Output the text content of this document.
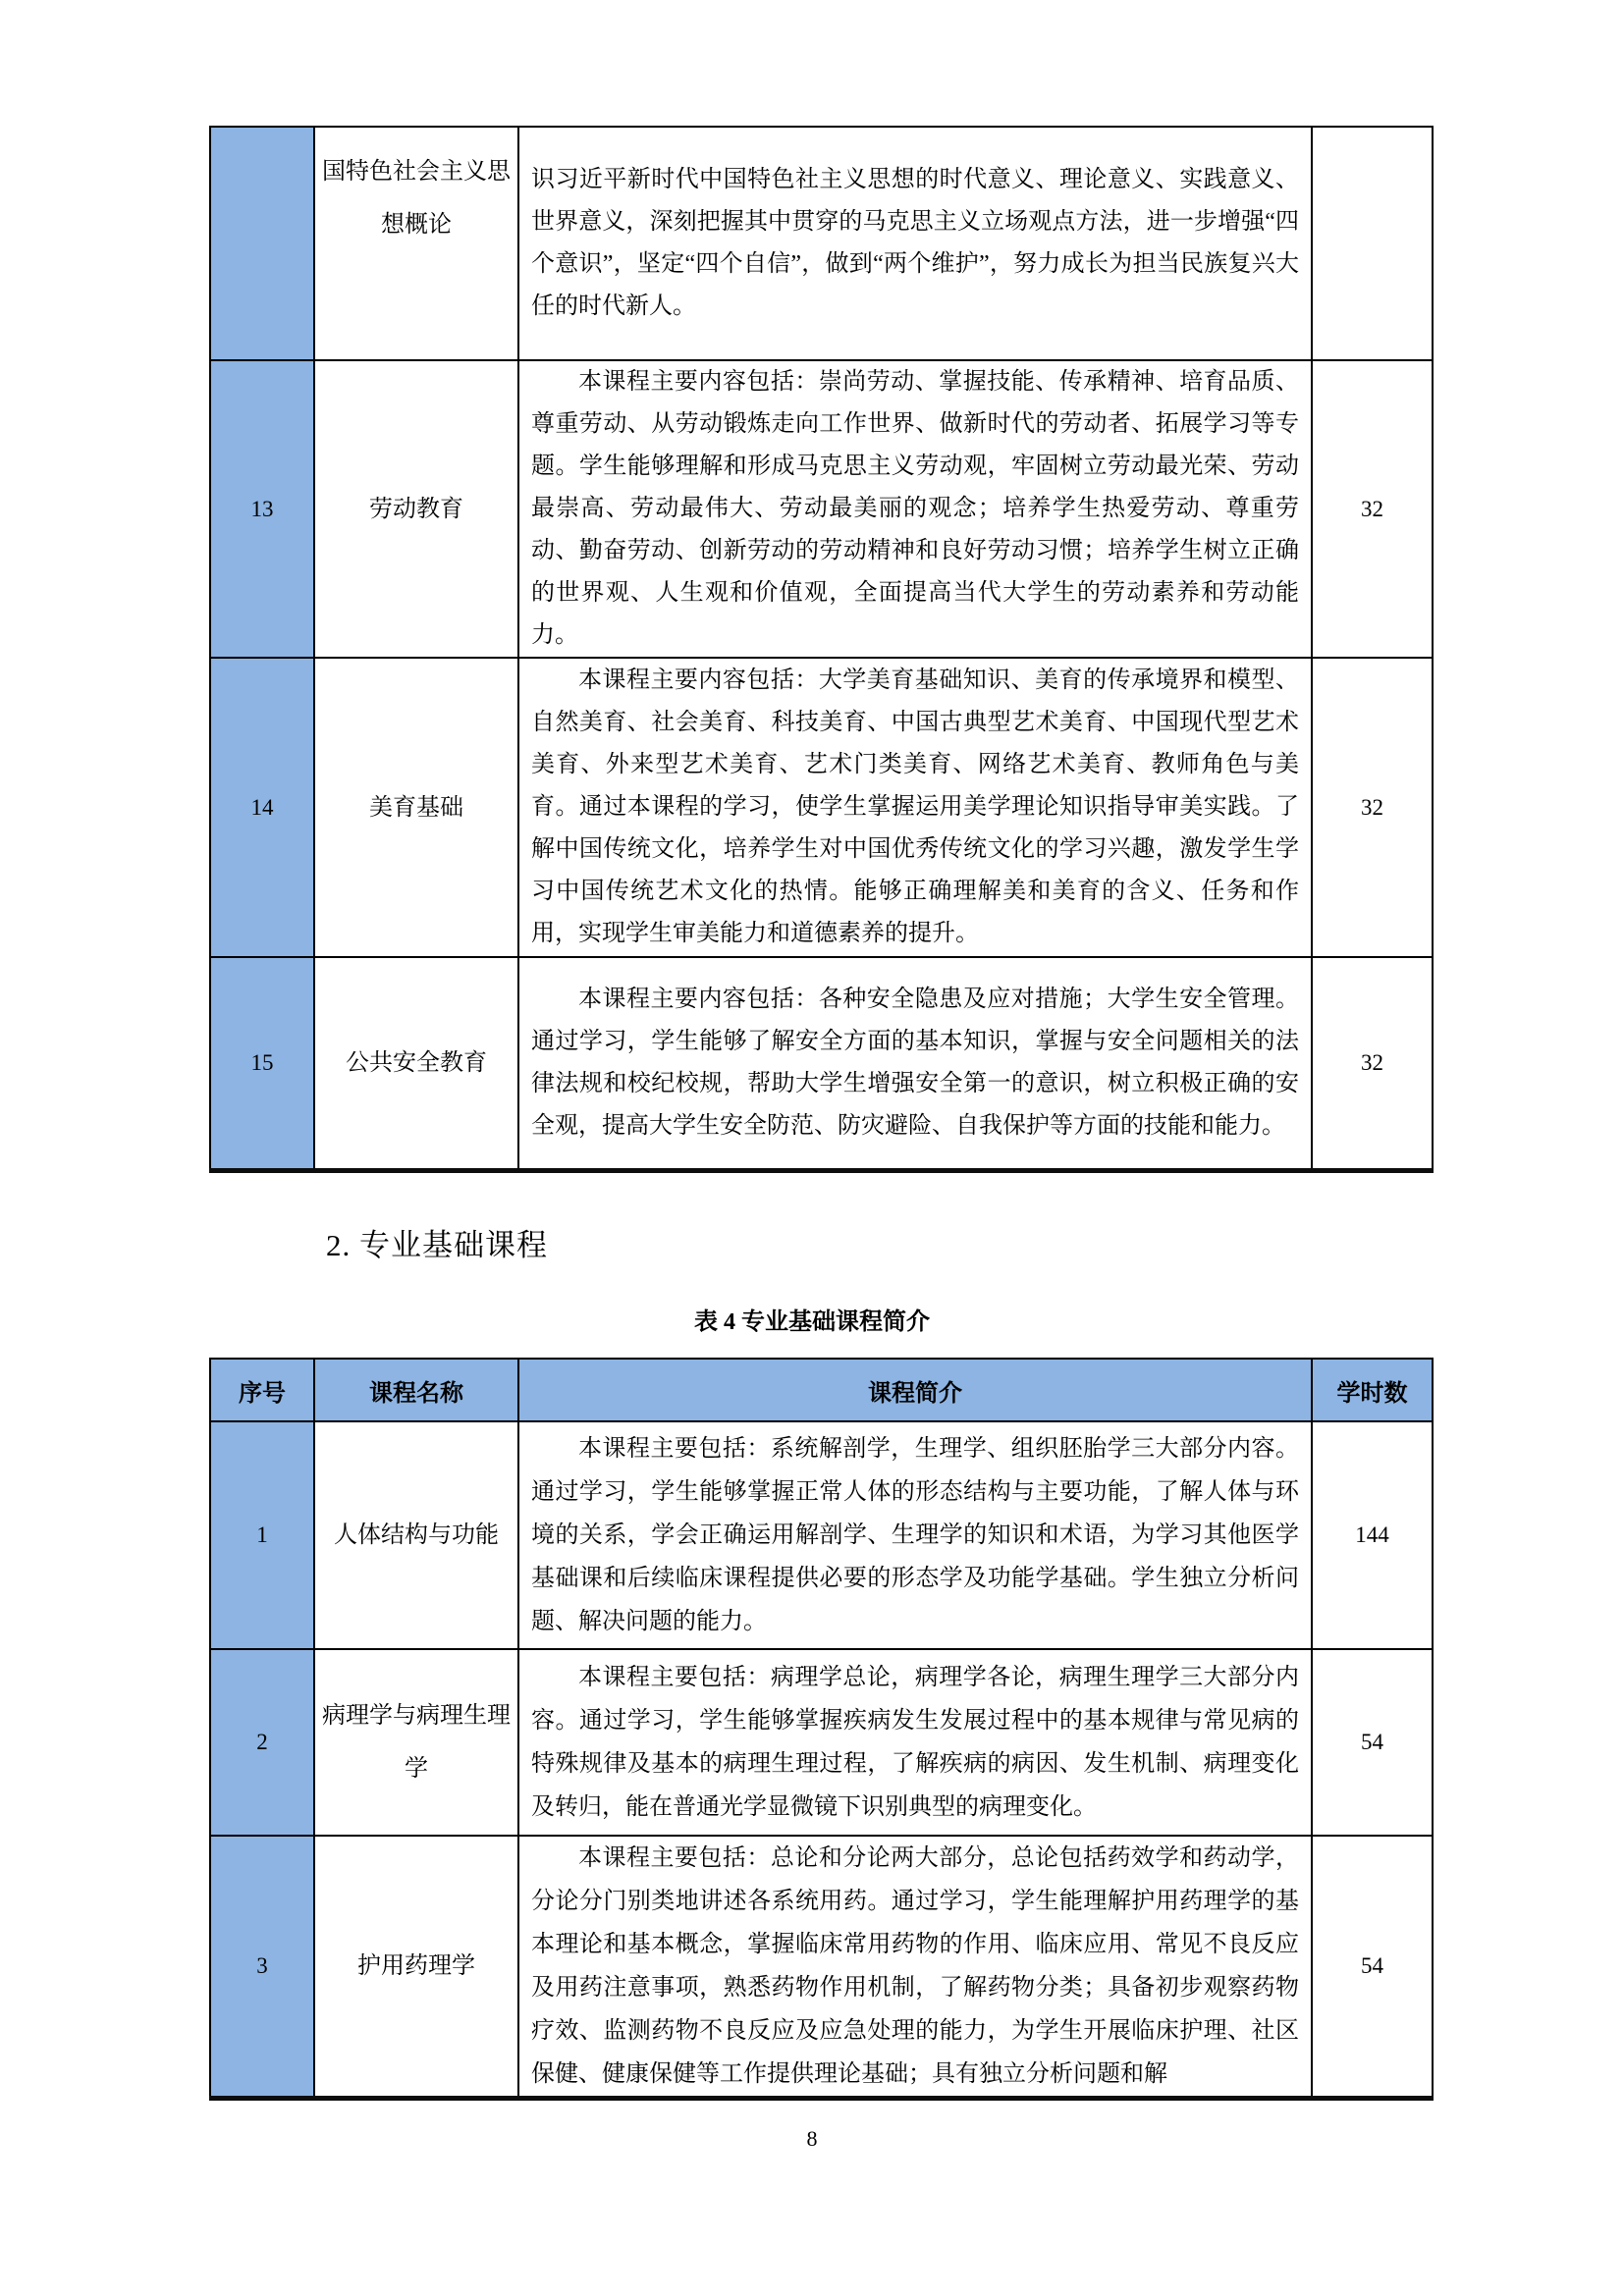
	国特色社会主义思想概论	识习近平新时代中国特色社主义思想的时代意义、理论意义、实践意义、世界意义，深刻把握其中贯穿的马克思主义立场观点方法，进一步增强“四个意识”，坚定“四个自信”，做到“两个维护”，努力成长为担当民族复兴大任的时代新人。	

13	劳动教育	本课程主要内容包括：崇尚劳动、掌握技能、传承精神、培育品质、尊重劳动、从劳动锻炼走向工作世界、做新时代的劳动者、拓展学习等专题。学生能够理解和形成马克思主义劳动观，牢固树立劳动最光荣、劳动最崇高、劳动最伟大、劳动最美丽的观念；培养学生热爱劳动、尊重劳动、勤奋劳动、创新劳动的劳动精神和良好劳动习惯；培养学生树立正确的世界观、人生观和价值观，全面提高当代大学生的劳动素养和劳动能力。	32
14	美育基础	本课程主要内容包括：大学美育基础知识、美育的传承境界和模型、自然美育、社会美育、科技美育、中国古典型艺术美育、中国现代型艺术美育、外来型艺术美育、艺术门类美育、网络艺术美育、教师角色与美育。通过本课程的学习，使学生掌握运用美学理论知识指导审美实践。了解中国传统文化，培养学生对中国优秀传统文化的学习兴趣，激发学生学习中国传统艺术文化的热情。能够正确理解美和美育的含义、任务和作用，实现学生审美能力和道德素养的提升。	32
15	公共安全教育	本课程主要内容包括：各种安全隐患及应对措施；大学生安全管理。通过学习，学生能够了解安全方面的基本知识，掌握与安全问题相关的法律法规和校纪校规，帮助大学生增强安全第一的意识，树立积极正确的安全观，提高大学生安全防范、防灾避险、自我保护等方面的技能和能力。	32
2. 专业基础课程
表 4 专业基础课程简介
序号	课程名称	课程简介	学时数
1	人体结构与功能	本课程主要包括：系统解剖学，生理学、组织胚胎学三大部分内容。通过学习，学生能够掌握正常人体的形态结构与主要功能，了解人体与环境的关系，学会正确运用解剖学、生理学的知识和术语，为学习其他医学基础课和后续临床课程提供必要的形态学及功能学基础。学生独立分析问题、解决问题的能力。	144
2	病理学与病理生理学	本课程主要包括：病理学总论，病理学各论，病理生理学三大部分内容。通过学习，学生能够掌握疾病发生发展过程中的基本规律与常见病的特殊规律及基本的病理生理过程，了解疾病的病因、发生机制、病理变化及转归，能在普通光学显微镜下识别典型的病理变化。	54
3	护用药理学	本课程主要包括：总论和分论两大部分，总论包括药效学和药动学，分论分门别类地讲述各系统用药。通过学习，学生能理解护用药理学的基本理论和基本概念，掌握临床常用药物的作用、临床应用、常见不良反应及用药注意事项，熟悉药物作用机制，了解药物分类；具备初步观察药物疗效、监测药物不良反应及应急处理的能力，为学生开展临床护理、社区保健、健康保健等工作提供理论基础；具有独立分析问题和解	54
8
